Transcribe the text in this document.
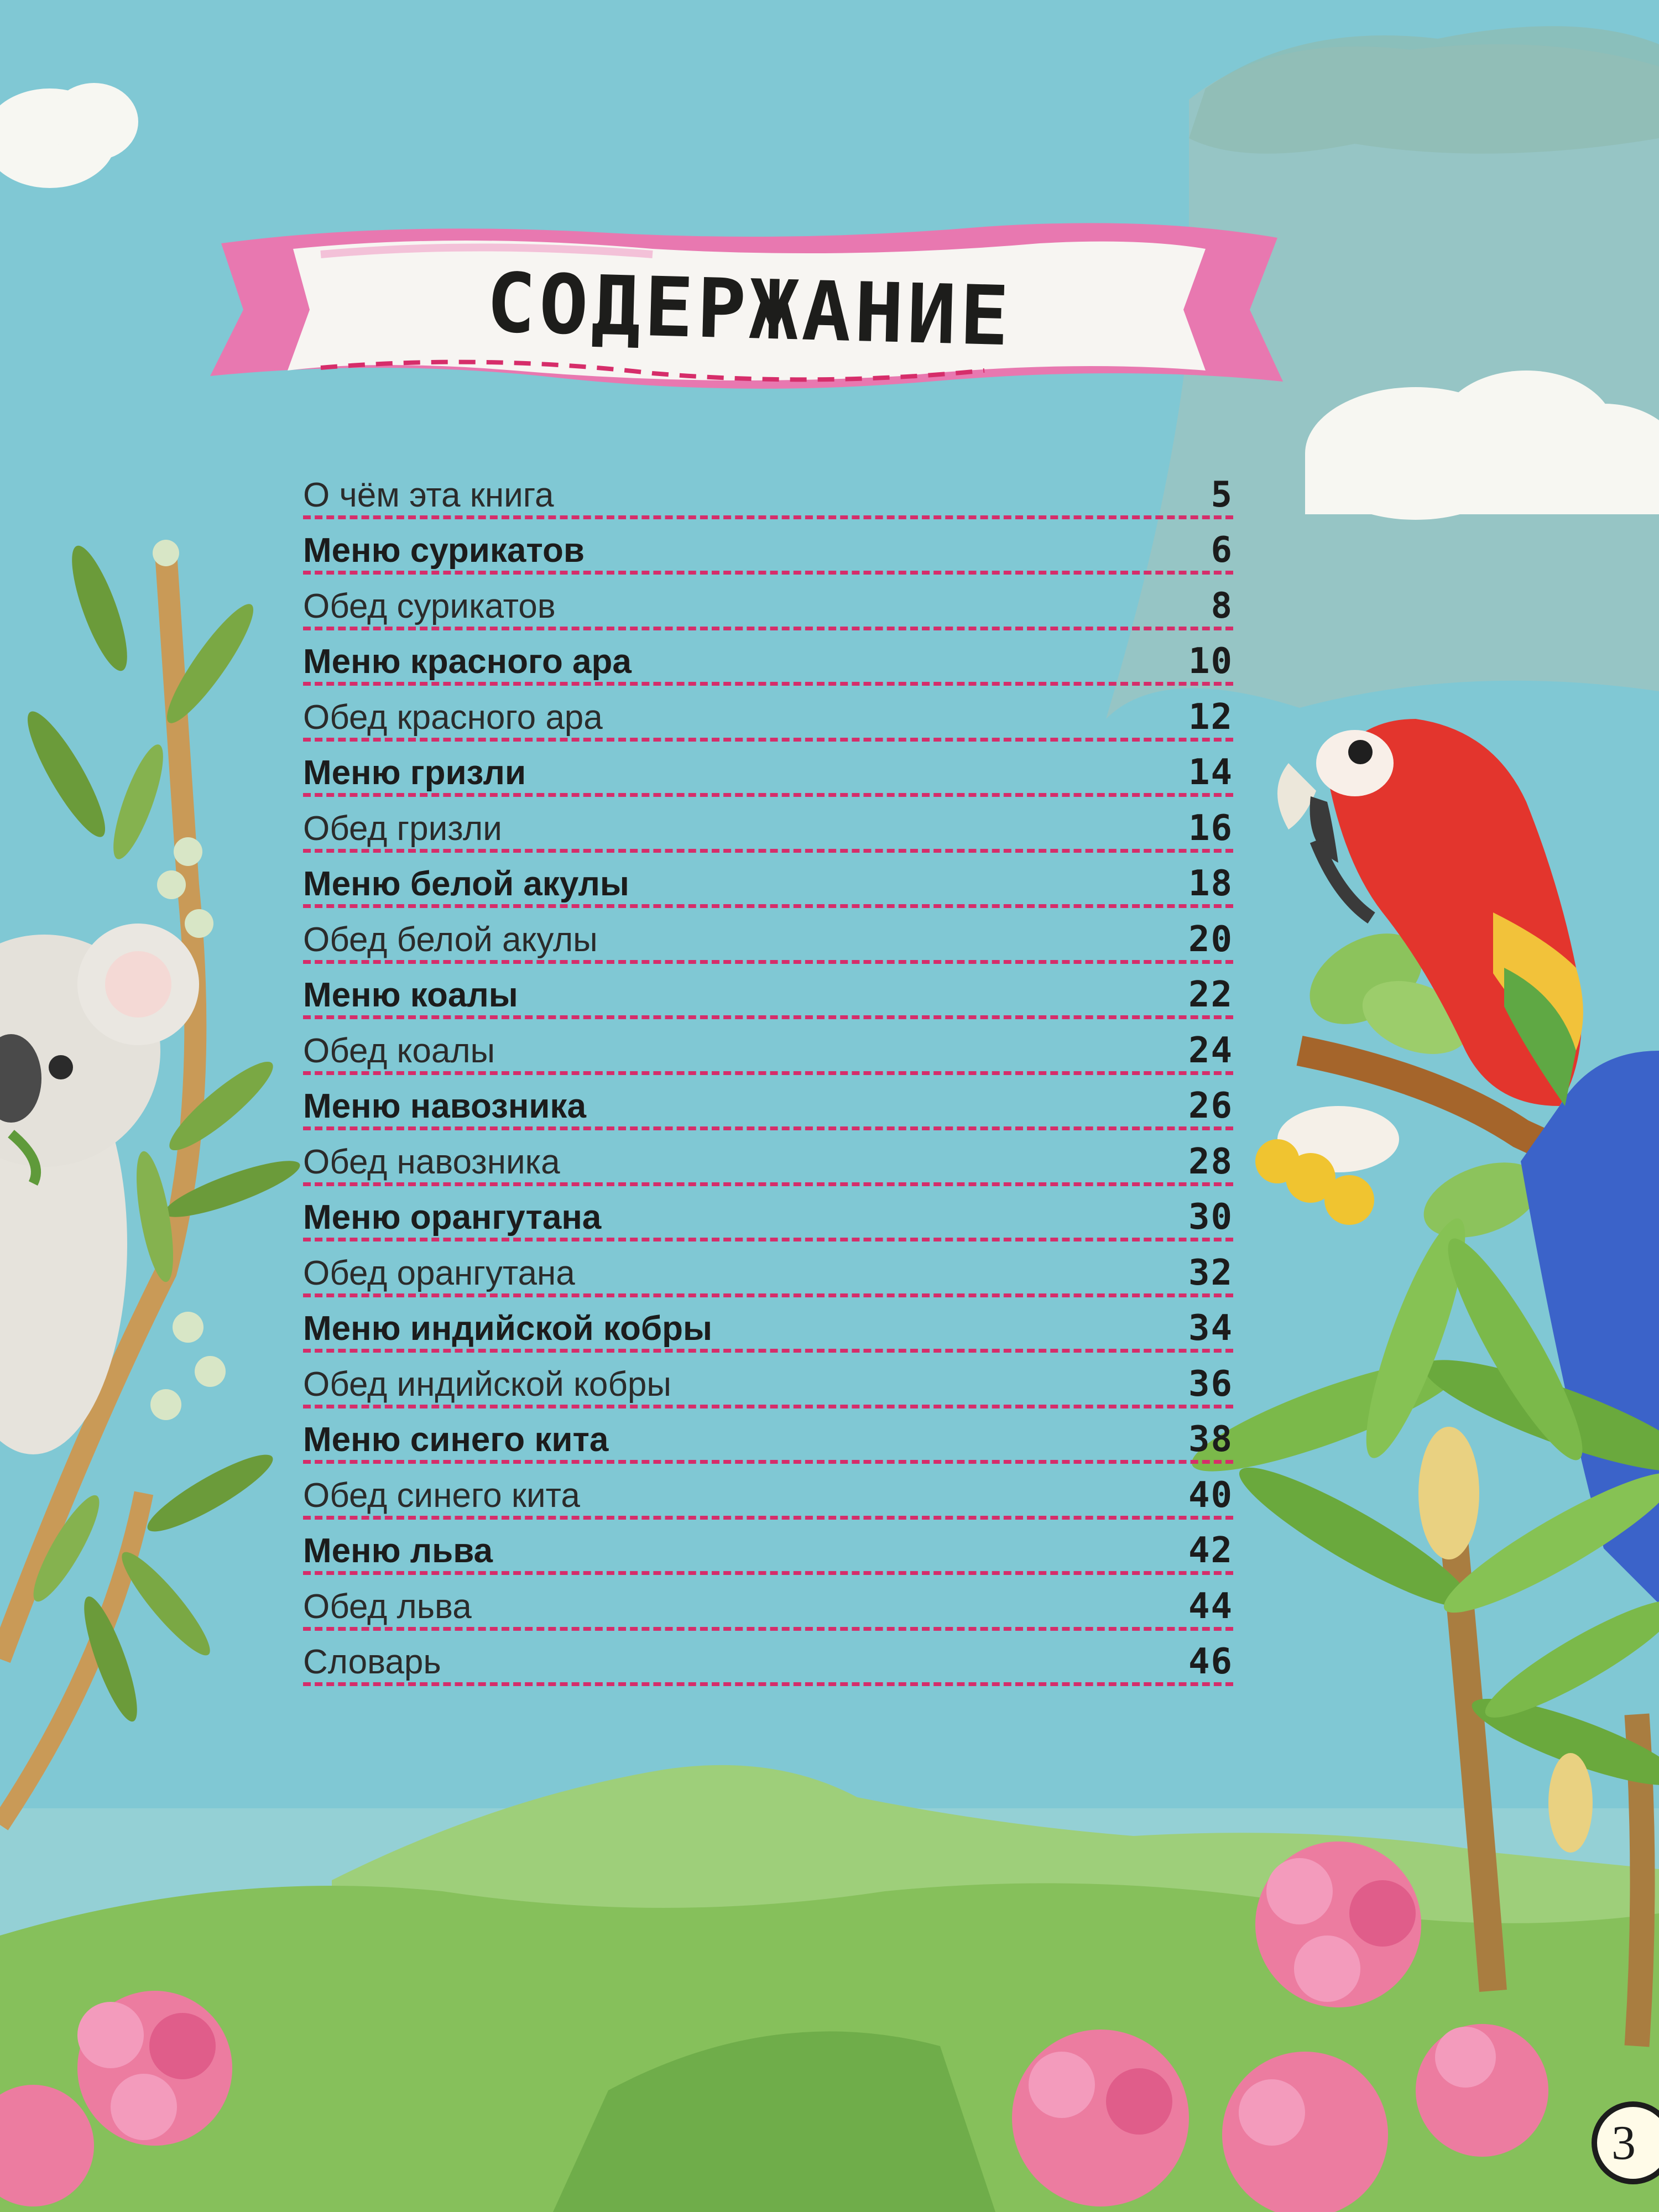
СОДЕРЖАНИЕ
О чём эта книга	5
Меню сурикатов	6
Обед сурикатов	8
Меню красного ара	10
Обед красного ара	12
Меню гризли	14
Обед гризли	16
Меню белой акулы	18
Обед белой акулы	20
Меню коалы	22
Обед коалы	24
Меню навозника	26
Обед навозника	28
Меню орангутана	30
Обед орангутана	32
Меню индийской кобры	34
Обед индийской кобры	36
Меню синего кита	38
Обед синего кита	40
Меню льва	42
Обед льва	44
Словарь	46
3
